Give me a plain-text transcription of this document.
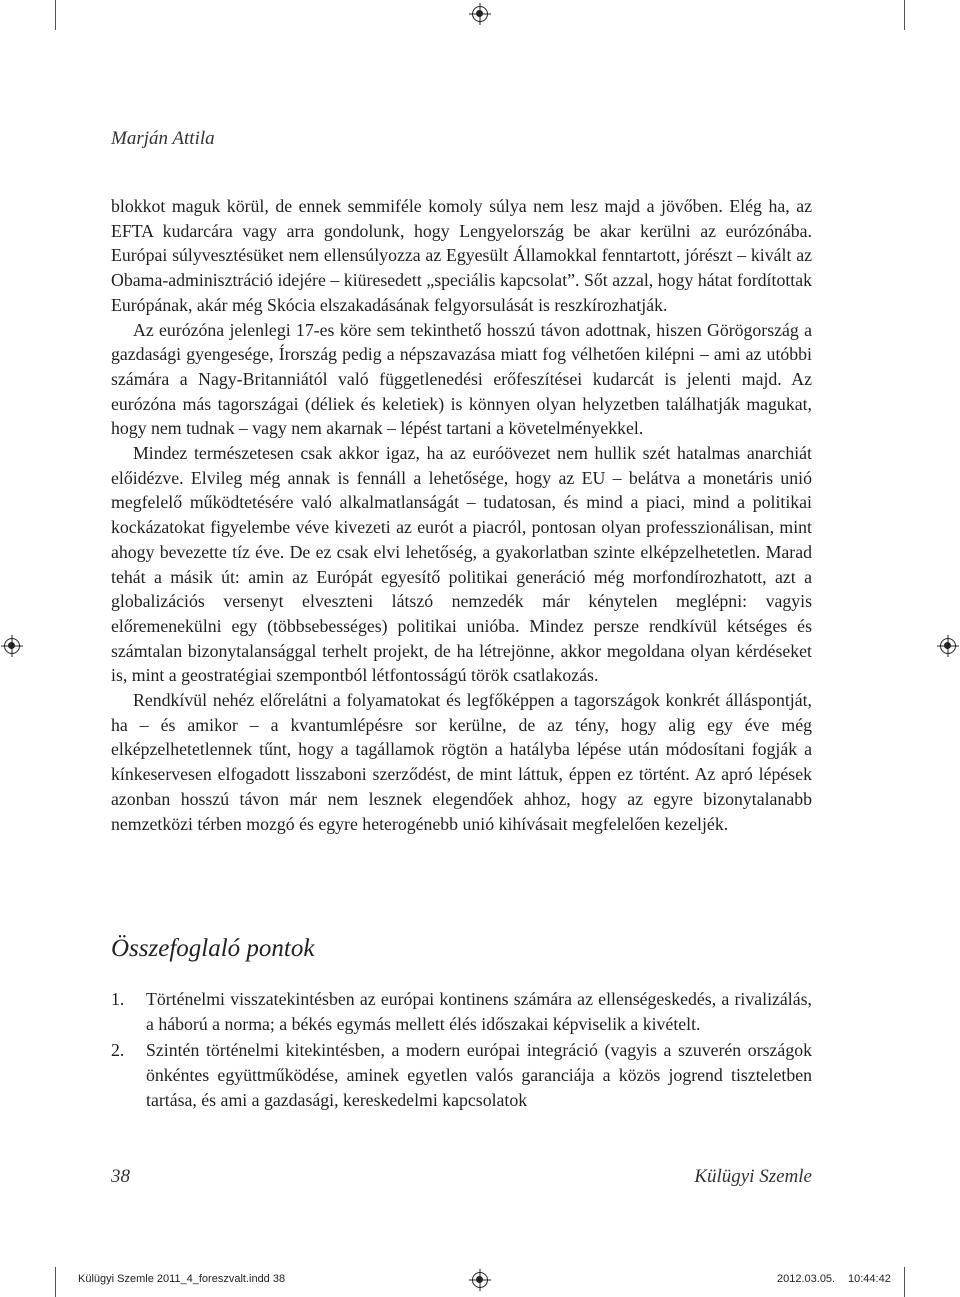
Marján Attila

blokkot maguk körül, de ennek semmiféle komoly súlya nem lesz majd a jövőben. Elég ha, az EFTA kudarcára vagy arra gondolunk, hogy Lengyelország be akar kerülni az eurózónába. Európai súlyvesztésüket nem ellensúlyozza az Egyesült Államokkal fenntartott, jórészt – kivált az Obama-adminisztráció idejére – kiüresedett „speciális kapcsolat”. Sőt azzal, hogy hátat fordítottak Európának, akár még Skócia elszakadásának felgyorsulását is reszkírozhatják.

Az eurózóna jelenlegi 17-es köre sem tekinthető hosszú távon adottnak, hiszen Görögország a gazdasági gyengesége, Írország pedig a népszavazása miatt fog vélhetően kilépni – ami az utóbbi számára a Nagy-Britanniától való függetlenedési erőfeszítései kudarcát is jelenti majd. Az eurózóna más tagországai (déliek és keletiek) is könnyen olyan helyzetben találhatják magukat, hogy nem tudnak – vagy nem akarnak – lépést tartani a követelményekkel.

Mindez természetesen csak akkor igaz, ha az euróövezet nem hullik szét hatalmas anarchiát előidézve. Elvileg még annak is fennáll a lehetősége, hogy az EU – belátva a monetáris unió megfelelő működtetésére való alkalmatlanságát – tudatosan, és mind a piaci, mind a politikai kockázatokat figyelembe véve kivezeti az eurót a piacról, pontosan olyan professzionálisan, mint ahogy bevezette tíz éve. De ez csak elvi lehetőség, a gyakorlatban szinte elképzelhetetlen. Marad tehát a másik út: amin az Európát egyesítő politikai generáció még morfondírozhatott, azt a globalizációs versenyt elveszteni látszó nemzedék már kénytelen meglépni: vagyis előremenekülni egy (többsebességes) politikai unióba. Mindez persze rendkívül kétséges és számtalan bizonytalansággal terhelt projekt, de ha létrejönne, akkor megoldana olyan kérdéseket is, mint a geostratégiai szempontból létfontosságú török csatlakozás.

Rendkívül nehéz előrelátni a folyamatokat és legfőképpen a tagországok konkrét álláspontját, ha – és amikor – a kvantumlépésre sor kerülne, de az tény, hogy alig egy éve még elképzelhetetlennek tűnt, hogy a tagállamok rögtön a hatályba lépése után módosítani fogják a kínkeservesen elfogadott lisszaboni szerződést, de mint láttuk, éppen ez történt. Az apró lépések azonban hosszú távon már nem lesznek elegendőek ahhoz, hogy az egyre bizonytalanabb nemzetközi térben mozgó és egyre heterogénebb unió kihívásait megfelelően kezeljék.

Összefoglaló pontok
1. Történelmi visszatekintésben az európai kontinens számára az ellenségeskedés, a rivalizálás, a háború a norma; a békés egymás mellett élés időszakai képviselik a kivételt.
2. Szintén történelmi kitekintésben, a modern európai integráció (vagyis a szuverén országok önkéntes együttműködése, aminek egyetlen valós garanciája a közös jogrend tiszteletben tartása, és ami a gazdasági, kereskedelmi kapcsolatok
38	Külügyi Szemle
Külügyi Szemle 2011_4_foreszvalt.indd 38	2012.03.05. 10:44:42
